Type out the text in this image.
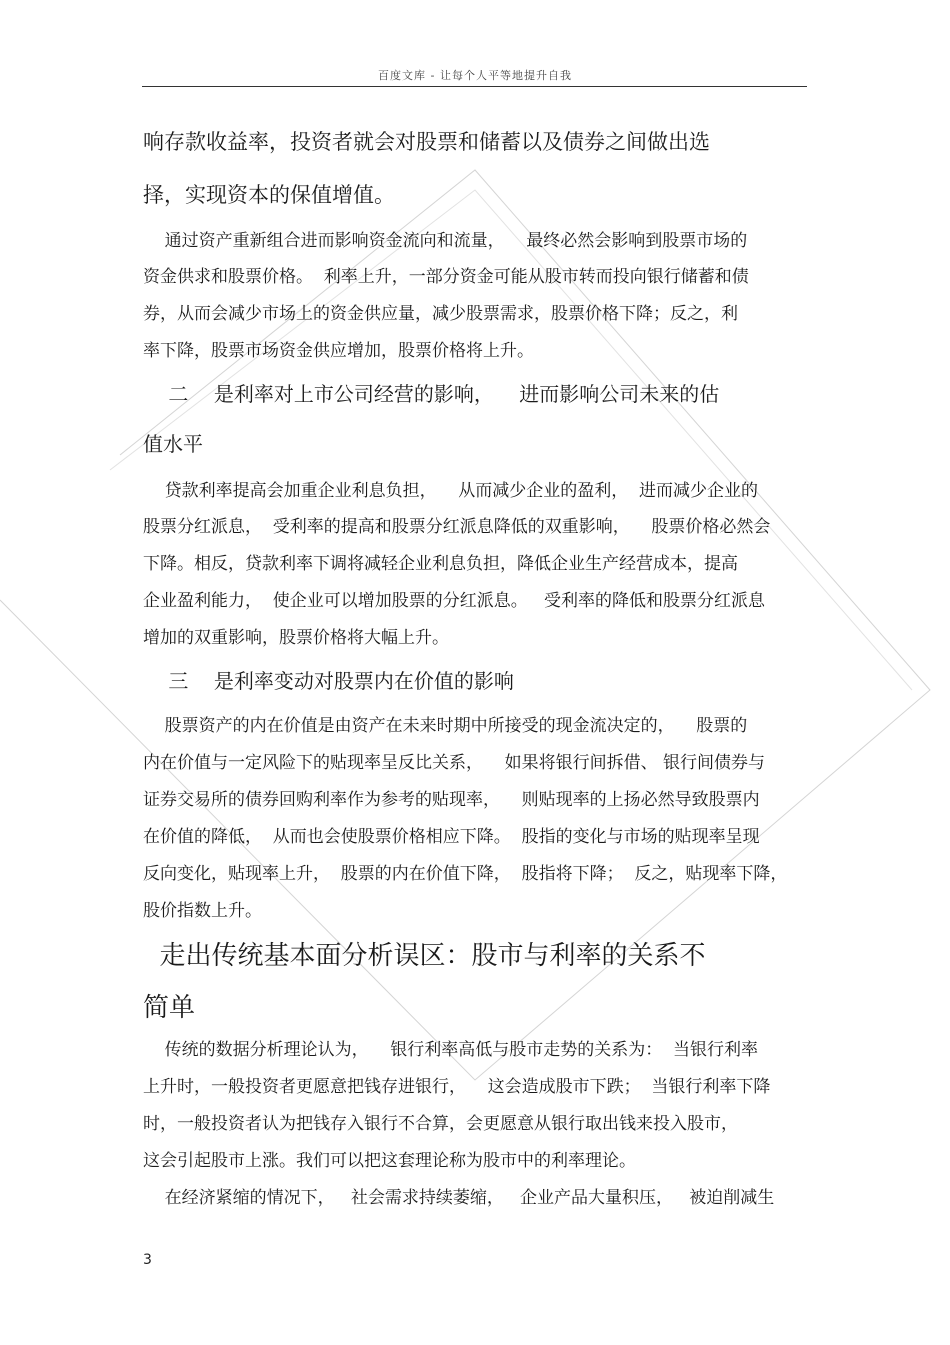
百度文库 - 让每个人平等地提升自我
响存款收益率，投资者就会对股票和储蓄以及债券之间做出选
择，实现资本的保值增值。
通过资产重新组合进而影响资金流向和流量，    最终必然会影响到股票市场的
资金供求和股票价格。  利率上升，一部分资金可能从股市转而投向银行储蓄和债
券，从而会减少市场上的资金供应量，减少股票需求，股票价格下降；反之，利
率下降，股票市场资金供应增加，股票价格将上升。
二    是利率对上市公司经营的影响，    进而影响公司未来的估
值水平
贷款利率提高会加重企业利息负担，    从而减少企业的盈利，  进而减少企业的
股票分红派息，  受利率的提高和股票分红派息降低的双重影响，    股票价格必然会
下降。相反，贷款利率下调将减轻企业利息负担，降低企业生产经营成本，提高
企业盈利能力，  使企业可以增加股票的分红派息。   受利率的降低和股票分红派息
增加的双重影响，股票价格将大幅上升。
三    是利率变动对股票内在价值的影响
股票资产的内在价值是由资产在未来时期中所接受的现金流决定的，    股票的
内在价值与一定风险下的贴现率呈反比关系，    如果将银行间拆借、 银行间债券与
证券交易所的债券回购利率作为参考的贴现率，    则贴现率的上扬必然导致股票内
在价值的降低，  从而也会使股票价格相应下降。  股指的变化与市场的贴现率呈现
反向变化，贴现率上升，  股票的内在价值下降，  股指将下降；  反之，贴现率下降，
股价指数上升。
走出传统基本面分析误区：股市与利率的关系不
简单
传统的数据分析理论认为，    银行利率高低与股市走势的关系为：  当银行利率
上升时，一般投资者更愿意把钱存进银行，    这会造成股市下跌；  当银行利率下降
时，一般投资者认为把钱存入银行不合算，会更愿意从银行取出钱来投入股市，
这会引起股市上涨。我们可以把这套理论称为股市中的利率理论。
在经济紧缩的情况下，   社会需求持续萎缩，   企业产品大量积压，   被迫削减生
3
